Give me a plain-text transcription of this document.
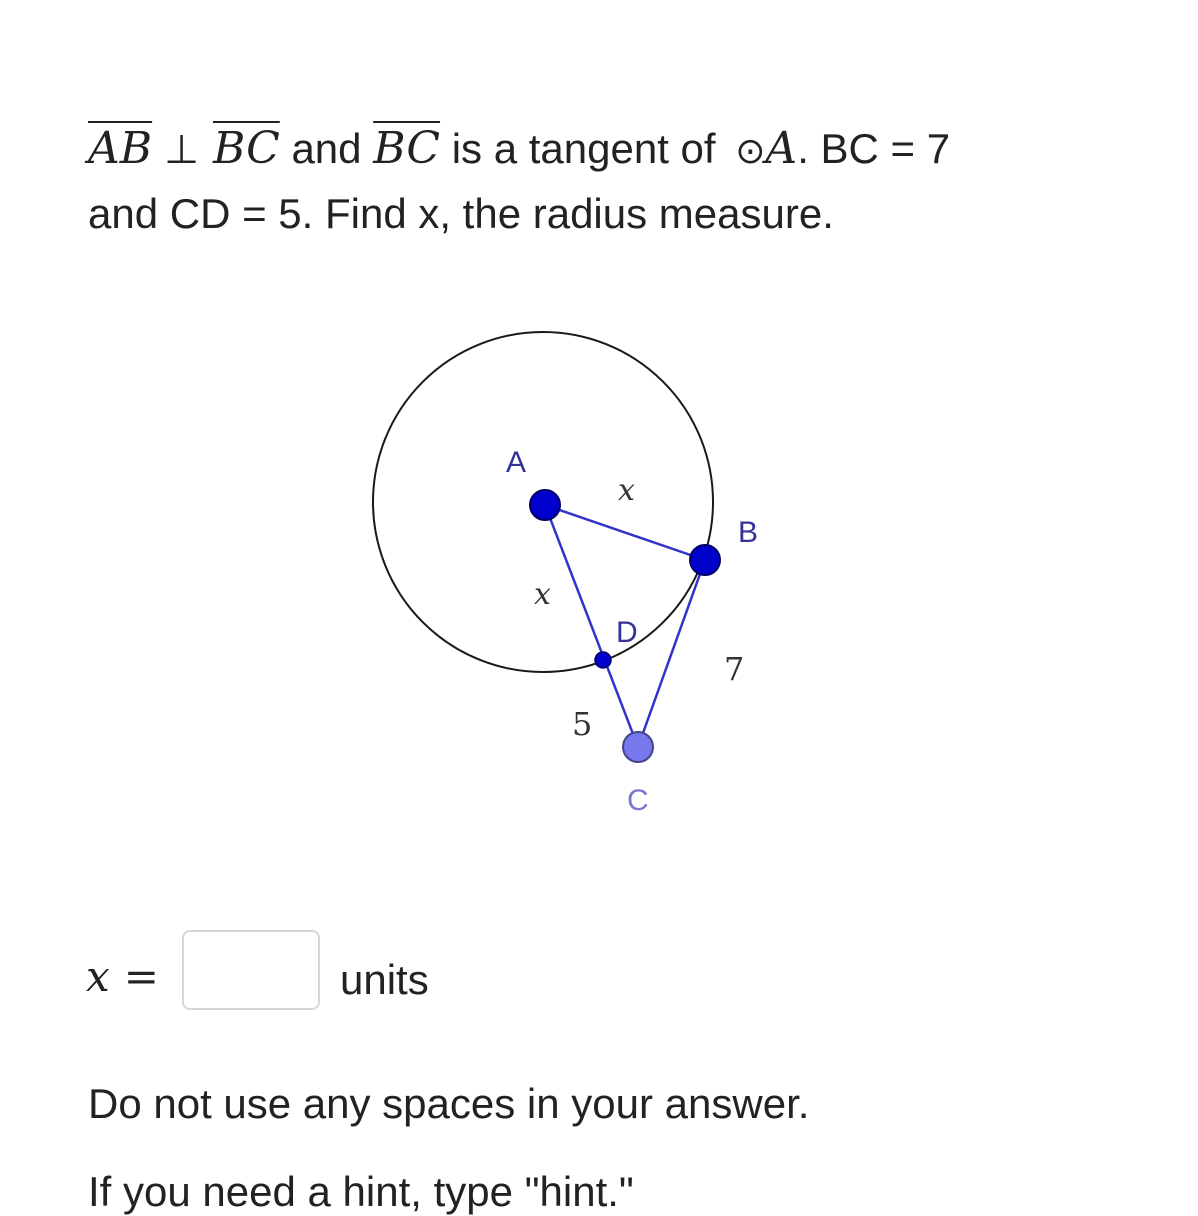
$\overline{AB}$ ⊥ $\overline{BC}$ and $\overline{BC}$ is a tangent of ⊙A. BC = 7
and CD = 5. Find x, the radius measure.
A
B
D
C
x
x
7
5
x =	units
Do not use any spaces in your answer.
If you need a hint, type "hint."
